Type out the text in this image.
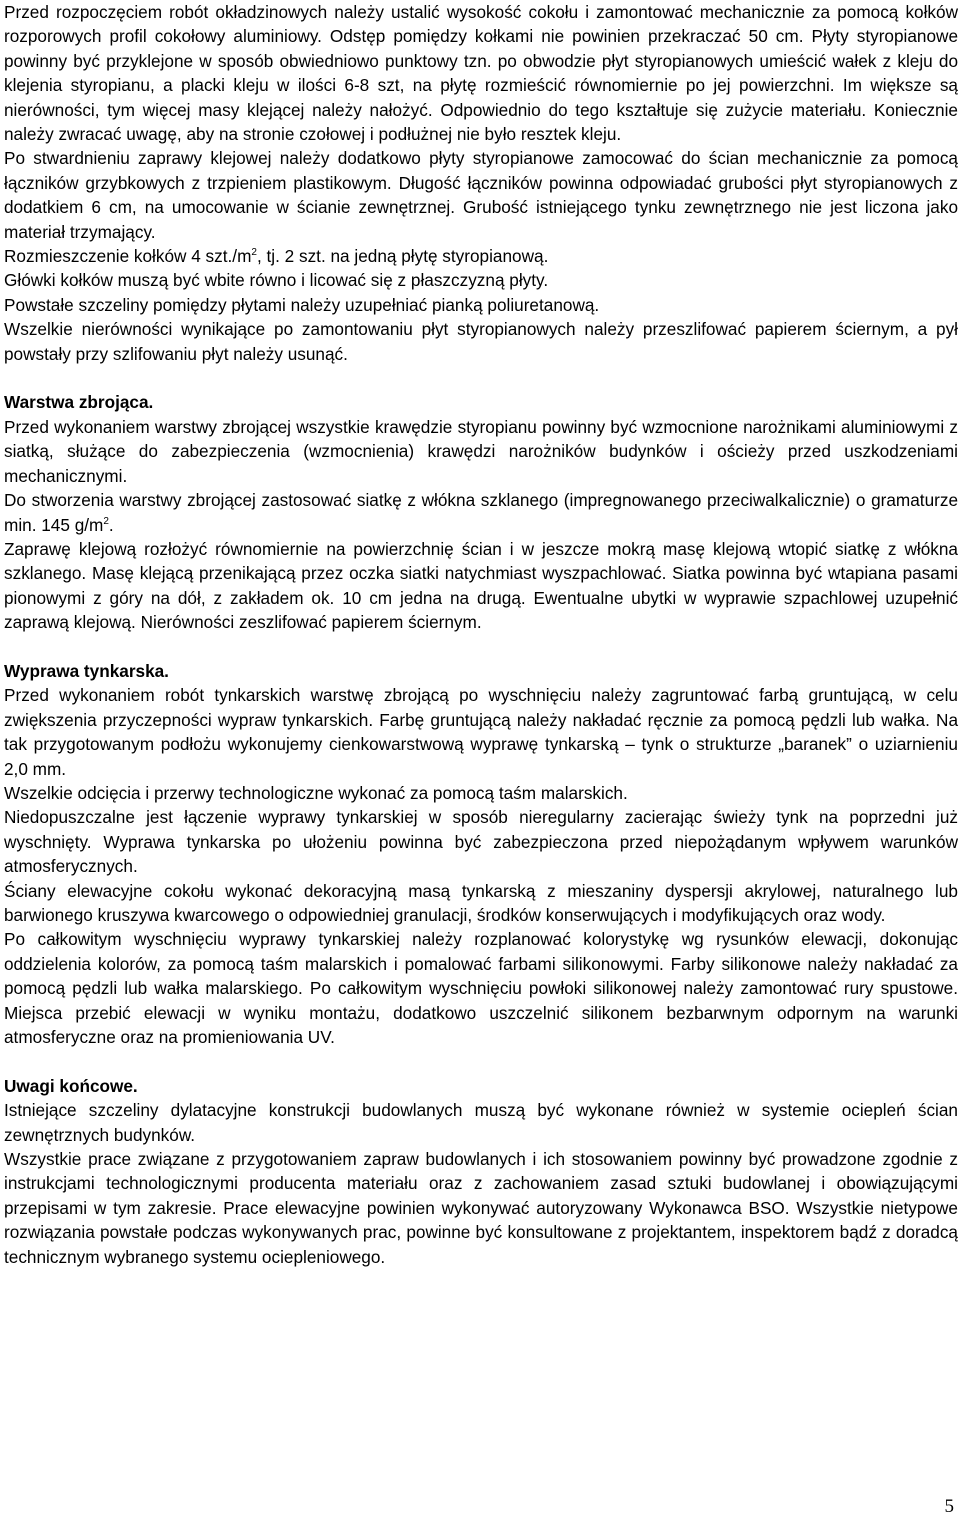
Przed rozpoczęciem robót okładzinowych należy ustalić wysokość cokołu i zamontować mechanicznie za pomocą kołków rozporowych profil cokołowy aluminiowy. Odstęp pomiędzy kołkami nie powinien przekraczać 50 cm. Płyty styropianowe powinny być przyklejone w sposób obwiedniowo punktowy tzn. po obwodzie płyt styropianowych umieścić wałek z kleju do klejenia styropianu, a placki kleju w ilości 6-8 szt, na płytę rozmieścić równomiernie po jej powierzchni. Im większe są nierówności, tym więcej masy klejącej należy nałożyć. Odpowiednio do tego kształtuje się zużycie materiału. Koniecznie należy zwracać uwagę, aby na stronie czołowej i podłużnej nie było resztek kleju.

Po stwardnieniu zaprawy klejowej należy dodatkowo płyty styropianowe zamocować do ścian mechanicznie za pomocą łączników grzybkowych z trzpieniem plastikowym. Długość łączników powinna odpowiadać grubości płyt styropianowych z dodatkiem 6 cm, na umocowanie w ścianie zewnętrznej. Grubość istniejącego tynku zewnętrznego nie jest liczona jako materiał trzymający.

Rozmieszczenie kołków 4 $szt./m^2$, tj. 2 szt. na jedną płytę styropianową.

Główki kołków muszą być wbite równo i licować się z płaszczyzną płyty.

Powstałe szczeliny pomiędzy płytami należy uzupełniać pianką poliuretanową.

Wszelkie nierówności wynikające po zamontowaniu płyt styropianowych należy przeszlifować papierem ściernym, a pył powstały przy szlifowaniu płyt należy usunąć.

Warstwa zbrojąca.

Przed wykonaniem warstwy zbrojącej wszystkie krawędzie styropianu powinny być wzmocnione narożnikami aluminiowymi z siatką, służące do zabezpieczenia (wzmocnienia) krawędzi narożników budynków i ościeży przed uszkodzeniami mechanicznymi.

Do stworzenia warstwy zbrojącej zastosować siatkę z włókna szklanego (impregnowanego przeciwalkalicznie) o gramaturze min. 145 $g/m^2$.

Zaprawę klejową rozłożyć równomiernie na powierzchnię ścian i w jeszcze mokrą masę klejową wtopić siatkę z włókna szklanego. Masę klejącą przenikającą przez oczka siatki natychmiast wyszpachlować. Siatka powinna być wtapiana pasami pionowymi z góry na dół, z zakładem ok. 10 cm jedna na drugą. Ewentualne ubytki w wyprawie szpachlowej uzupełnić zaprawą klejową. Nierówności zeszlifować papierem ściernym.

Wyprawa tynkarska.

Przed wykonaniem robót tynkarskich warstwę zbrojącą po wyschnięciu należy zagruntować farbą gruntującą, w celu zwiększenia przyczepności wypraw tynkarskich. Farbę gruntującą należy nakładać ręcznie za pomocą pędzli lub wałka. Na tak przygotowanym podłożu wykonujemy cienkowarstwową wyprawę tynkarską – tynk o strukturze „baranek” o uziarnieniu 2,0 mm.

Wszelkie odcięcia i przerwy technologiczne wykonać za pomocą taśm malarskich.

Niedopuszczalne jest łączenie wyprawy tynkarskiej w sposób nieregularny zacierając świeży tynk na poprzedni już wyschnięty. Wyprawa tynkarska po ułożeniu powinna być zabezpieczona przed niepożądanym wpływem warunków atmosferycznych.

Ściany elewacyjne cokołu wykonać dekoracyjną masą tynkarską z mieszaniny dyspersji akrylowej, naturalnego lub barwionego kruszywa kwarcowego o odpowiedniej granulacji, środków konserwujących i modyfikujących oraz wody.

Po całkowitym wyschnięciu wyprawy tynkarskiej należy rozplanować kolorystykę wg rysunków elewacji, dokonując oddzielenia kolorów, za pomocą taśm malarskich i pomalować farbami silikonowymi. Farby silikonowe należy nakładać za pomocą pędzli lub wałka malarskiego. Po całkowitym wyschnięciu powłoki silikonowej należy zamontować rury spustowe. Miejsca przebić elewacji w wyniku montażu, dodatkowo uszczelnić silikonem bezbarwnym odpornym na warunki atmosferyczne oraz na promieniowania UV.

Uwagi końcowe.

Istniejące szczeliny dylatacyjne konstrukcji budowlanych muszą być wykonane również w systemie ociepleń ścian zewnętrznych budynków.

Wszystkie prace związane z przygotowaniem zapraw budowlanych i ich stosowaniem powinny być prowadzone zgodnie z instrukcjami technologicznymi producenta materiału oraz z zachowaniem zasad sztuki budowlanej i obowiązującymi przepisami w tym zakresie. Prace elewacyjne powinien wykonywać autoryzowany Wykonawca BSO. Wszystkie nietypowe rozwiązania powstałe podczas wykonywanych prac, powinne być konsultowane z projektantem, inspektorem bądź z doradcą technicznym wybranego systemu ociepleniowego.

5
